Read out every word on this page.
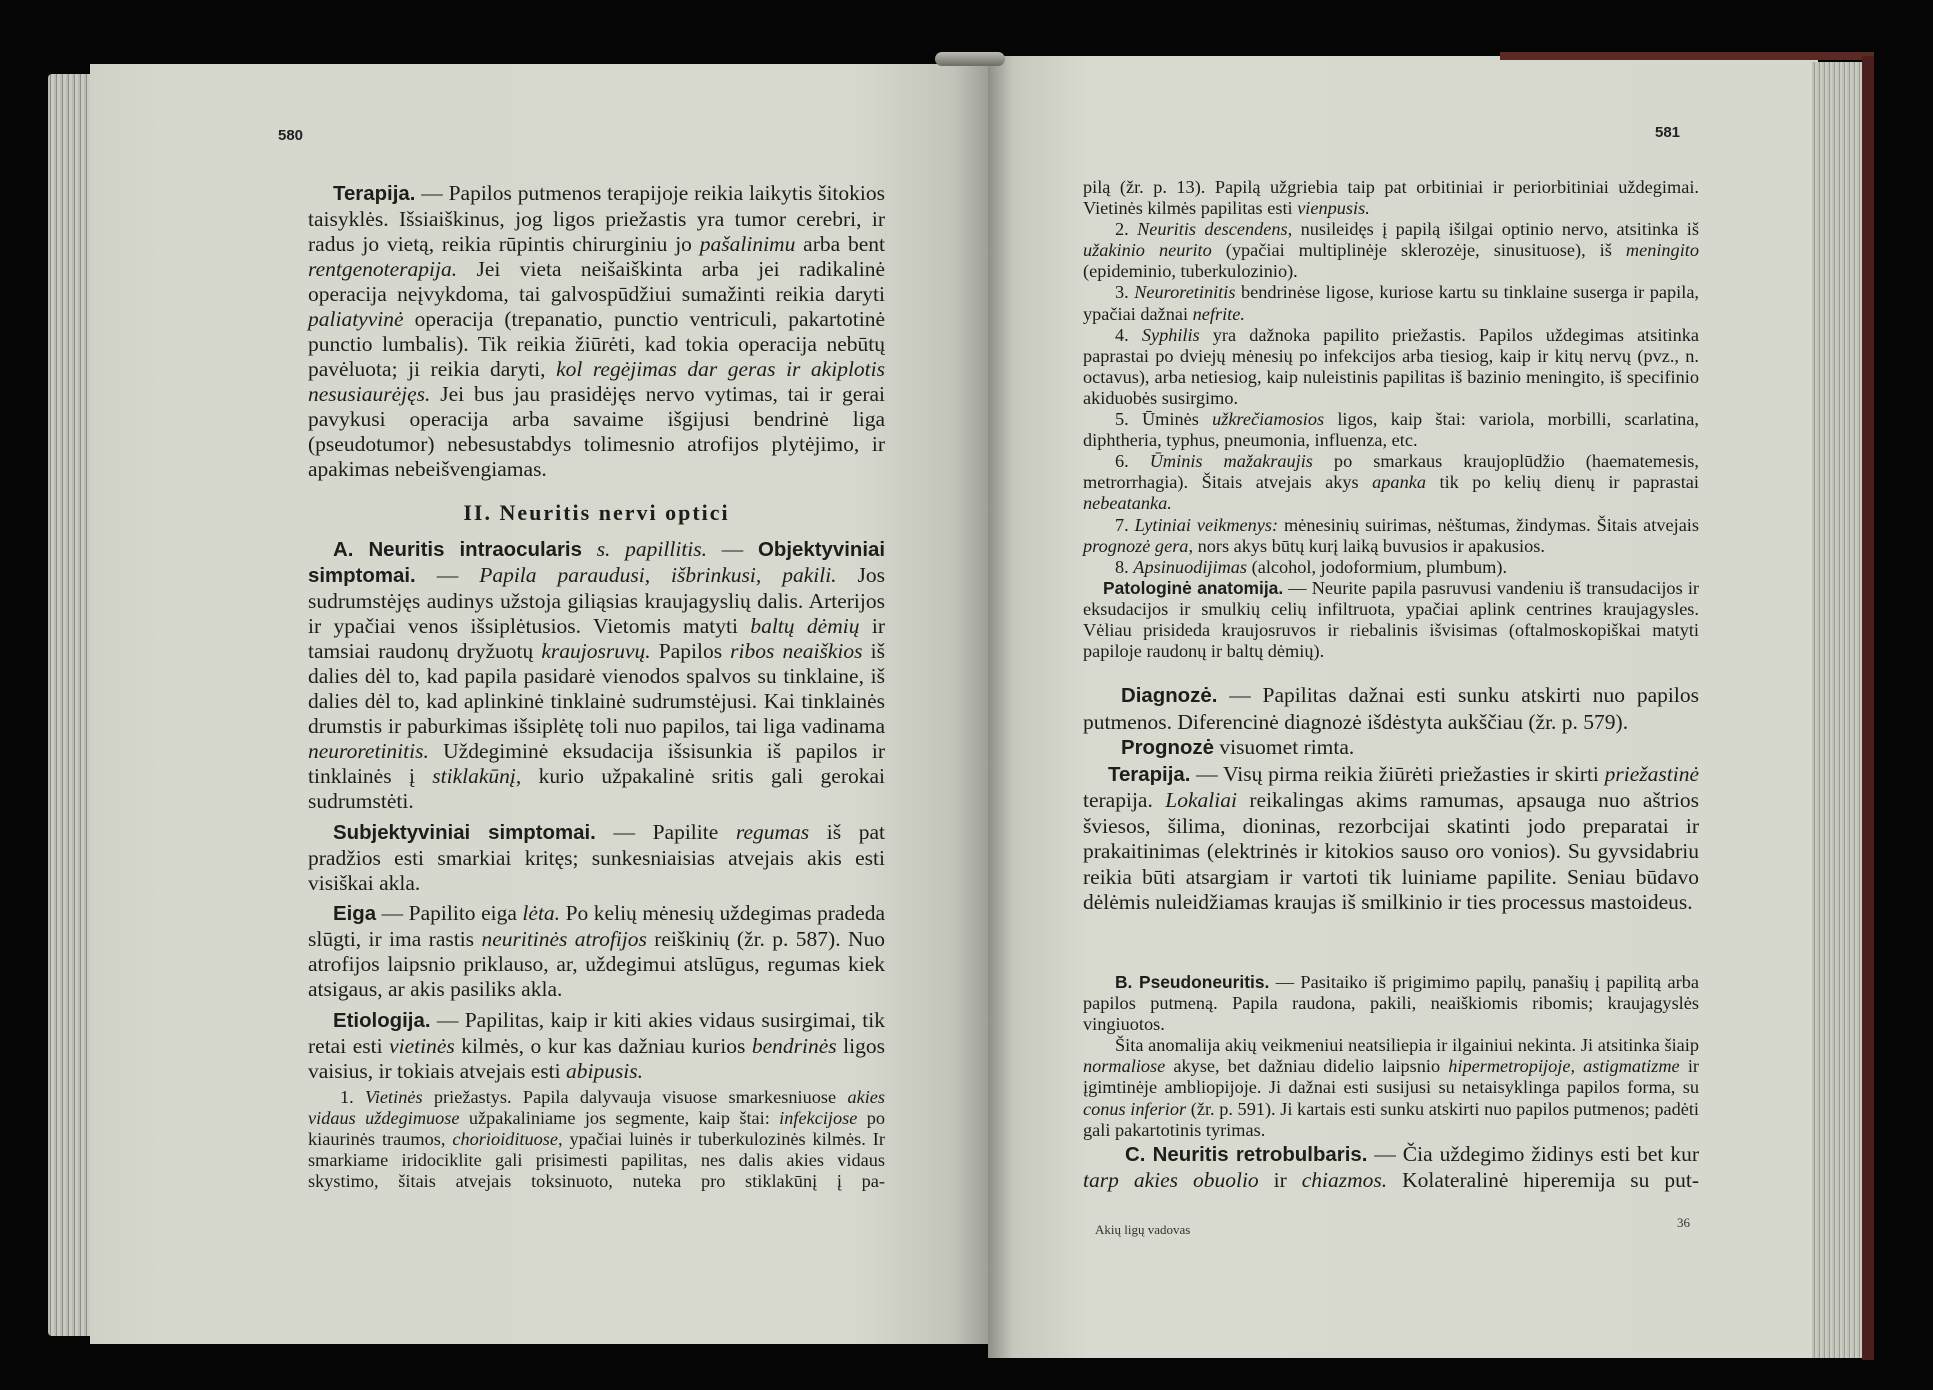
580
Terapija. — Papilos putmenos terapijoje reikia laikytis šitokios taisyklės. Išsiaiškinus, jog ligos priežastis yra tumor cerebri, ir radus jo vietą, reikia rūpintis chirurginiu jo pašalinimu arba bent rentgenoterapija. Jei vieta neišaiškinta arba jei radikalinė operacija neįvykdoma, tai galvospūdžiui sumažinti reikia daryti paliatyvinė operacija (trepanatio, punctio ventriculi, pakartotinė punctio lumbalis). Tik reikia žiūrėti, kad tokia operacija nebūtų pavėluota; ji reikia daryti, kol regėjimas dar geras ir akiplotis nesusiaurėjęs. Jei bus jau prasidėjęs nervo vytimas, tai ir gerai pavykusi operacija arba savaime išgijusi bendrinė liga (pseudotumor) nebesustabdys tolimesnio atrofijos plytėjimo, ir apakimas nebeišvengiamas.
II. Neuritis nervi optici
A. Neuritis intraocularis s. papillitis. — Objektyviniai simptomai. — Papila paraudusi, išbrinkusi, pakili. Jos sudrumstėjęs audinys užstoja giliąsias kraujagyslių dalis. Arterijos ir ypačiai venos išsiplėtusios. Vietomis matyti baltų dėmių ir tamsiai raudonų dryžuotų kraujosruvų. Papilos ribos neaiškios iš dalies dėl to, kad papila pasidarė vienodos spalvos su tinklaine, iš dalies dėl to, kad aplinkinė tinklainė sudrumstėjusi. Kai tinklainės drumstis ir paburkimas išsiplėtę toli nuo papilos, tai liga vadinama neuroretinitis. Uždegiminė eksudacija išsisunkia iš papilos ir tinklainės į stiklakūnį, kurio užpakalinė sritis gali gerokai sudrumstėti.
Subjektyviniai simptomai. — Papilite regumas iš pat pradžios esti smarkiai kritęs; sunkesniaisias atvejais akis esti visiškai akla.
Eiga — Papilito eiga lėta. Po kelių mėnesių uždegimas pradeda slūgti, ir ima rastis neuritinės atrofijos reiškinių (žr. p. 587). Nuo atrofijos laipsnio priklauso, ar, uždegimui atslūgus, regumas kiek atsigaus, ar akis pasiliks akla.
Etiologija. — Papilitas, kaip ir kiti akies vidaus susirgimai, tik retai esti vietinės kilmės, o kur kas dažniau kurios bendrinės ligos vaisius, ir tokiais atvejais esti abipusis.
1. Vietinės priežastys. Papila dalyvauja visuose smarkesniuose akies vidaus uždegimuose užpakaliniame jos segmente, kaip štai: infekcijose po kiaurinės traumos, chorioidituose, ypačiai luinės ir tuberkulozinės kilmės. Ir smarkiame iridociklite gali prisimesti papilitas, nes dalis akies vidaus skystimo, šitais atvejais toksinuoto, nuteka pro stiklakūnį į pa-
581

pilą (žr. p. 13). Papilą užgriebia taip pat orbitiniai ir periorbitiniai uždegimai. Vietinės kilmės papilitas esti vienpusis.

2. Neuritis descendens, nusileidęs į papilą išilgai optinio nervo, atsitinka iš užakinio neurito (ypačiai multiplinėje sklerozėje, sinusituose), iš meningito (epideminio, tuberkulozinio).

3. Neuroretinitis bendrinėse ligose, kuriose kartu su tinklaine suserga ir papila, ypačiai dažnai nefrite.

4. Syphilis yra dažnoka papilito priežastis. Papilos uždegimas atsitinka paprastai po dviejų mėnesių po infekcijos arba tiesiog, kaip ir kitų nervų (pvz., n. octavus), arba netiesiog, kaip nuleistinis papilitas iš bazinio meningito, iš specifinio akiduobės susirgimo.

5. Ūminės užkrečiamosios ligos, kaip štai: variola, morbilli, scarlatina, diphtheria, typhus, pneumonia, influenza, etc.

6. Ūminis mažakraujis po smarkaus kraujoplūdžio (haematemesis, metrorrhagia). Šitais atvejais akys apanka tik po kelių dienų ir paprastai nebeatanka.

7. Lytiniai veikmenys: mėnesinių suirimas, nėštumas, žindymas. Šitais atvejais prognozė gera, nors akys būtų kurį laiką buvusios ir apakusios.

8. Apsinuodijimas (alcohol, jodoformium, plumbum).

Patologinė anatomija. — Neurite papila pasruvusi vandeniu iš transudacijos ir eksudacijos ir smulkių celių infiltruota, ypačiai aplink centrines kraujagysles. Vėliau prisideda kraujosruvos ir riebalinis išvisimas (oftalmoskopiškai matyti papiloje raudonų ir baltų dėmių).

Diagnozė. — Papilitas dažnai esti sunku atskirti nuo papilos putmenos. Diferencinė diagnozė išdėstyta aukščiau (žr. p. 579).

Prognozė visuomet rimta.

Terapija. — Visų pirma reikia žiūrėti priežasties ir skirti priežastinė terapija. Lokaliai reikalingas akims ramumas, apsauga nuo aštrios šviesos, šilima, dioninas, rezorbcijai skatinti jodo preparatai ir prakaitinimas (elektrinės ir kitokios sauso oro vonios). Su gyvsidabriu reikia būti atsargiam ir vartoti tik luiniame papilite. Seniau būdavo dėlėmis nuleidžiamas kraujas iš smilkinio ir ties processus mastoideus.

B. Pseudoneuritis. — Pasitaiko iš prigimimo papilų, panašių į papilitą arba papilos putmeną. Papila raudona, pakili, neaiškiomis ribomis; kraujagyslės vingiuotos.

Šita anomalija akių veikmeniui neatsiliepia ir ilgainiui nekinta. Ji atsitinka šiaip normaliose akyse, bet dažniau didelio laipsnio hipermetropijoje, astigmatizme ir įgimtinėje ambliopijoje. Ji dažnai esti susijusi su netaisyklinga papilos forma, su conus inferior (žr. p. 591). Ji kartais esti sunku atskirti nuo papilos putmenos; padėti gali pakartotinis tyrimas.

C. Neuritis retrobulbaris. — Čia uždegimo židinys esti bet kur tarp akies obuolio ir chiazmos. Kolateralinė hiperemija su put-
Akių ligų vadovas	36
